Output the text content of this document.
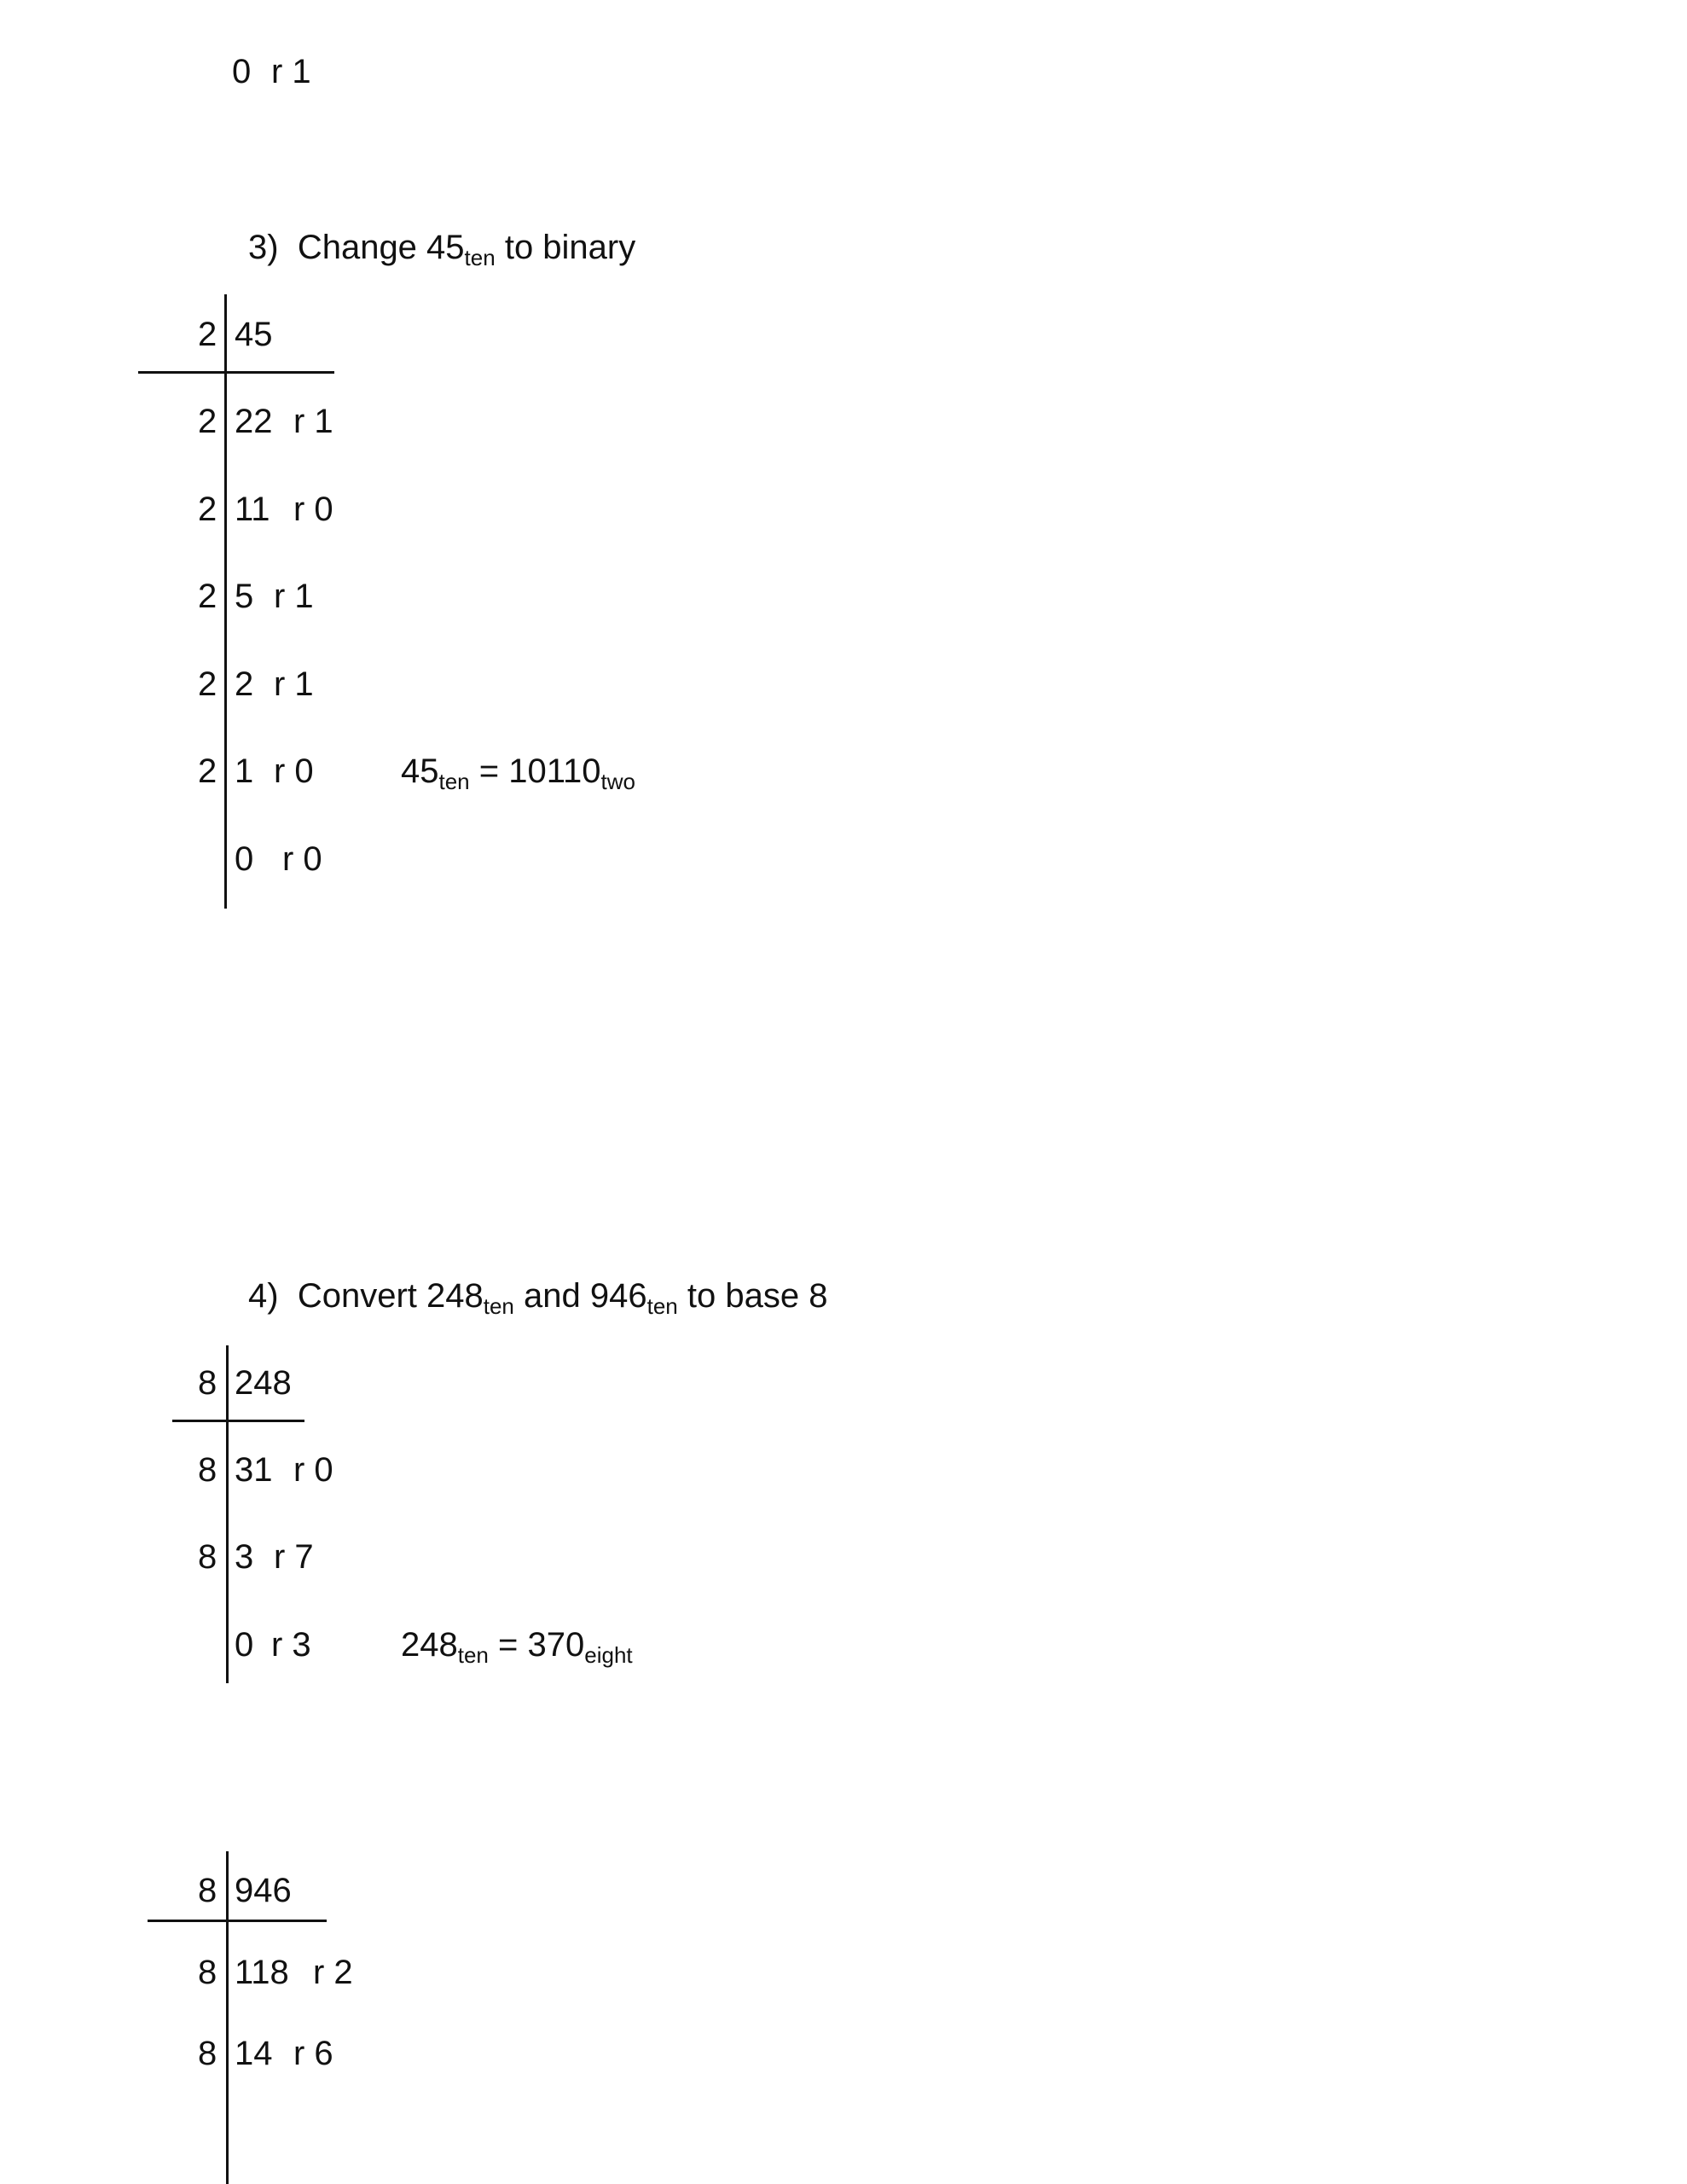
0 r 1
3) Change $45_{ten}$ to binary
2 45
2 22 r 1
2 11 r 0
2 5 r 1
2 2 r 1
2 1 r 0
0 r 0
$45_{ten} = 10110_{two}$
4) Convert $248_{ten}$ and $946_{ten}$ to base 8
8 248
8 31 r 0
8 3 r 7
0 r 3	$248_{ten} = 370_{eight}$
8 946
8 118 r 2
8 14 r 6
